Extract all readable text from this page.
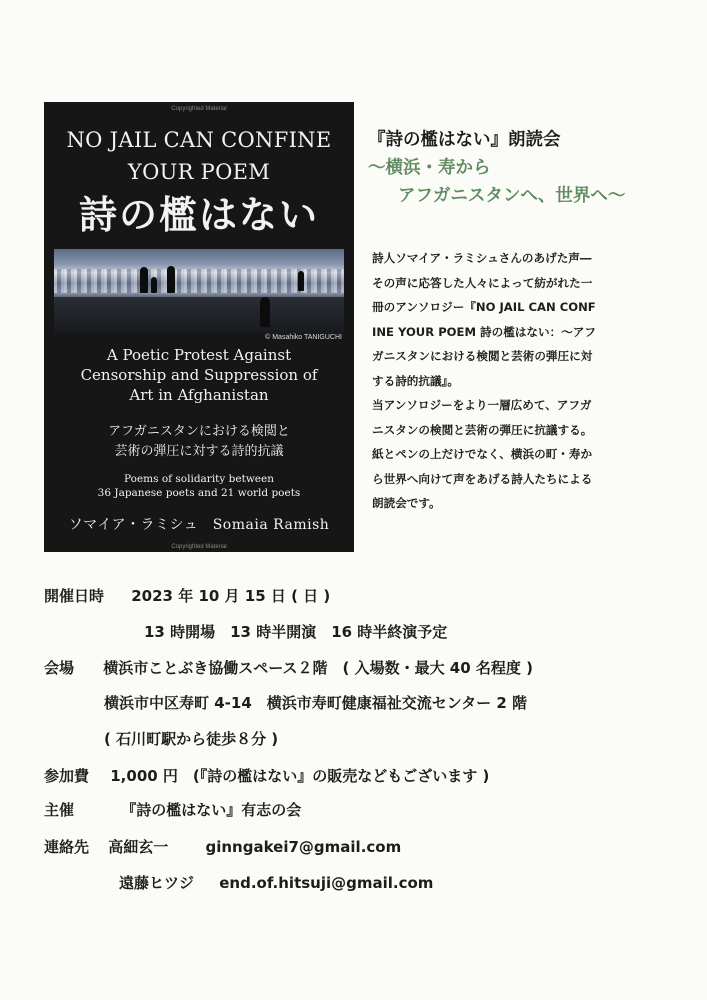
Copyrighted Material
NO JAIL CAN CONFINE
YOUR POEM
詩の檻はない
© Masahiko TANIGUCHI
A Poetic Protest Against
Censorship and Suppression of
Art in Afghanistan
アフガニスタンにおける検閲と
芸術の弾圧に対する詩的抗議
Poems of solidarity between
36 Japanese poets and 21 world poets
ソマイア・ラミシュ　Somaia Ramish
Copyrighted Material
『詩の檻はない』朗読会
～横浜・寿から
アフガニスタンへ、世界へ～

詩人ソマイア・ラミシュさんのあげた声―

その声に応答した人々によって紡がれた一

冊のアンソロジー『NO JAIL CAN CONF

INE YOUR POEM 詩の檻はない：～アフ

ガニスタンにおける検閲と芸術の弾圧に対

する詩的抗議』。

当アンソロジーをより一層広めて、アフガ

ニスタンの検閲と芸術の弾圧に抗議する。

紙とペンの上だけでなく、横浜の町・寿か

ら世界へ向けて声をあげる詩人たちによる

朗読会です。

開催日時 2023 年 10 月 15 日 ( 日 )
13 時開場　13 時半開演　16 時半終演予定
会場 横浜市ことぶき協働スペース２階　( 入場数・最大 40 名程度 )
横浜市中区寿町 4-14　横浜市寿町健康福祉交流センター 2 階
( 石川町駅から徒歩８分 )
参加費 1,000 円　(『詩の檻はない』の販売などもございます )
主催	『詩の檻はない』有志の会
連絡先 高細玄一 ginngakei7@gmail.com
遠藤ヒツジ end.of.hitsuji@gmail.com
